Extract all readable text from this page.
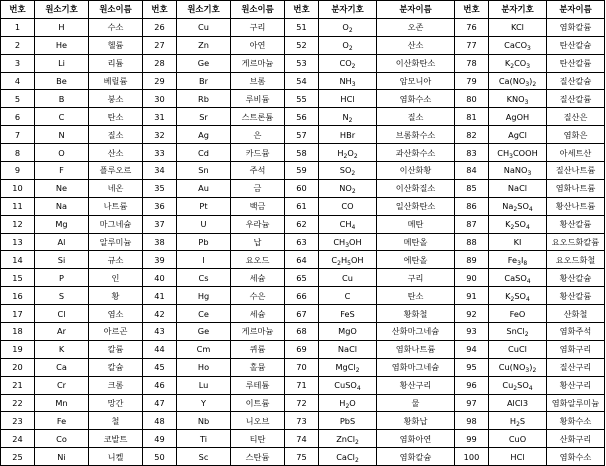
번호	원소기호	원소이름	번호	원소기호	원소이름	번호	분자기호	분자이름	번호	분자기호	분자이름
1	H	수소	26	Cu	구리	51	$O_2$	오존	76	KCl	염화칼륨
2	He	헬륨	27	Zn	아연	52	$O_2$	산소	77	CaCO$_3$	탄산칼슘
3	Li	리튬	28	Ge	게르마늄	53	$CO_2$	이산화탄소	78	$K_2CO_3$	탄산칼륨
4	Be	베릴륨	29	Br	브롬	54	$NH_3$	암모니아	79	$Ca(NO_3)_2$	질산칼슘
5	B	붕소	30	Rb	루비듐	55	HCl	염화수소	80	$KNO_3$	질산칼륨
6	C	탄소	31	Sr	스트론튬	56	$N_2$	질소	81	AgOH	질산은
7	N	질소	32	Ag	은	57	HBr	브롬화수소	82	AgCl	염화은
8	O	산소	33	Cd	카드뮴	58	$H_2O_2$	과산화수소	83	$CH_3COOH$	아세트산
9	F	플루오르	34	Sn	주석	59	$SO_2$	이산화황	84	NaNO$_3$	질산나트륨
10	Ne	네온	35	Au	금	60	$NO_2$	이산화질소	85	NaCl	염화나트륨
11	Na	나트륨	36	Pt	백금	61	CO	일산화탄소	86	$Na_2SO_4$	황산나트륨
12	Mg	마그네슘	37	U	우라늄	62	$CH_4$	메탄	87	$K_2SO_4$	황산칼륨
13	Al	알루미늄	38	Pb	납	63	$CH_3OH$	메탄올	88	KI	요오드화칼륨
14	Si	규소	39	I	요오드	64	$C_2H_5OH$	에탄올	89	$Fe_3I_8$	요오드화철
15	P	인	40	Cs	세슘	65	Cu	구리	90	CaSO$_4$	황산칼슘
16	S	황	41	Hg	수은	66	C	탄소	91	$K_2SO_4$	황산칼륨
17	Cl	염소	42	Ce	세슘	67	FeS	황화철	92	FeO	산화철
18	Ar	아르곤	43	Ge	게르마늄	68	MgO	산화마그네슘	93	SnCl$_2$	염화주석
19	K	칼륨	44	Cm	퀴륨	69	NaCl	염화나트륨	94	CuCl	염화구리
20	Ca	칼슘	45	Ho	홀뮴	70	MgCl$_2$	염화마그네슘	95	$Cu(NO_3)_2$	질산구리
21	Cr	크롬	46	Lu	루테튬	71	CuSO$_4$	황산구리	96	$Cu_2SO_4$	황산구리
22	Mn	망간	47	Y	이트륨	72	$H_2O$	물	97	AlCl3	염화알루미늄
23	Fe	철	48	Nb	니오브	73	PbS	황화납	98	$H_2S$	황화수소
24	Co	코발트	49	Ti	티탄	74	ZnCl$_2$	염화아연	99	CuO	산화구리
25	Ni	니켈	50	Sc	스탄듐	75	CaCl$_2$	염화칼슘	100	HCl	염화수소
